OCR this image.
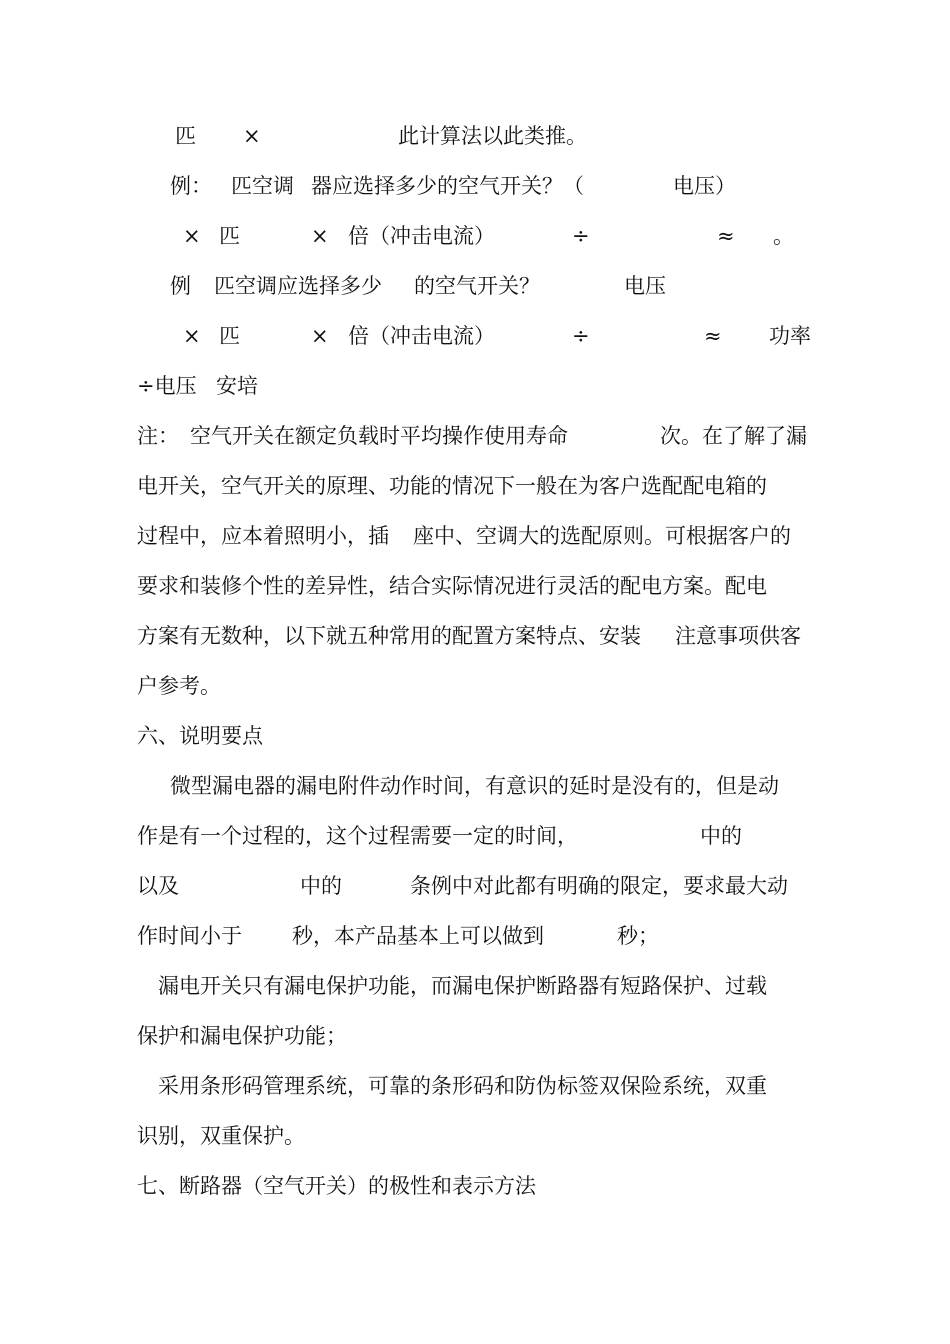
匹 ×	此计算法以此类推。
例： 匹空调 器应选择多少 的空气开关？（	电压）
× 匹	× 倍（冲击电流）	÷	≈ 。
例 匹空调应选择多少 的空气开关？	电压
× 匹	× 倍（冲击电流）	÷	≈ 功率
÷电压 安培
注： 空气开关在额定负载时平均操作使用寿命	次。在了解了漏
电开关，空气开关的原理、功能的情况下一般在为客户选配配电箱的
过程中，应本着照明小，插 座中、空调大的选配原则。可根据客户的
要求和装修个性的差异性，结合实际情况进行灵活的配电方案。配电
方案有无数种，以下就五种常用的配置方案特点、安装 注意事项供客
户参考。
六、说明要点
微型漏电器的漏电附件动作时间，有意识的延时是没有的，但是动
作是有一个过程的，这个过程需要一定的时间，	中的
以及	中的	条例中对此都有明确的限定，要求最大动
作时间小于 秒，本产品基本上可以做到	秒；
漏电开关只有漏电保护功能，而漏电保护断路器有短路保护、过载
保护和漏电保护功能；
采用条形码管理系统，可靠的条形码和防伪标签双保险系统，双重
识别，双重保护。
七、断路器（空气开关）的极性和表示方法
